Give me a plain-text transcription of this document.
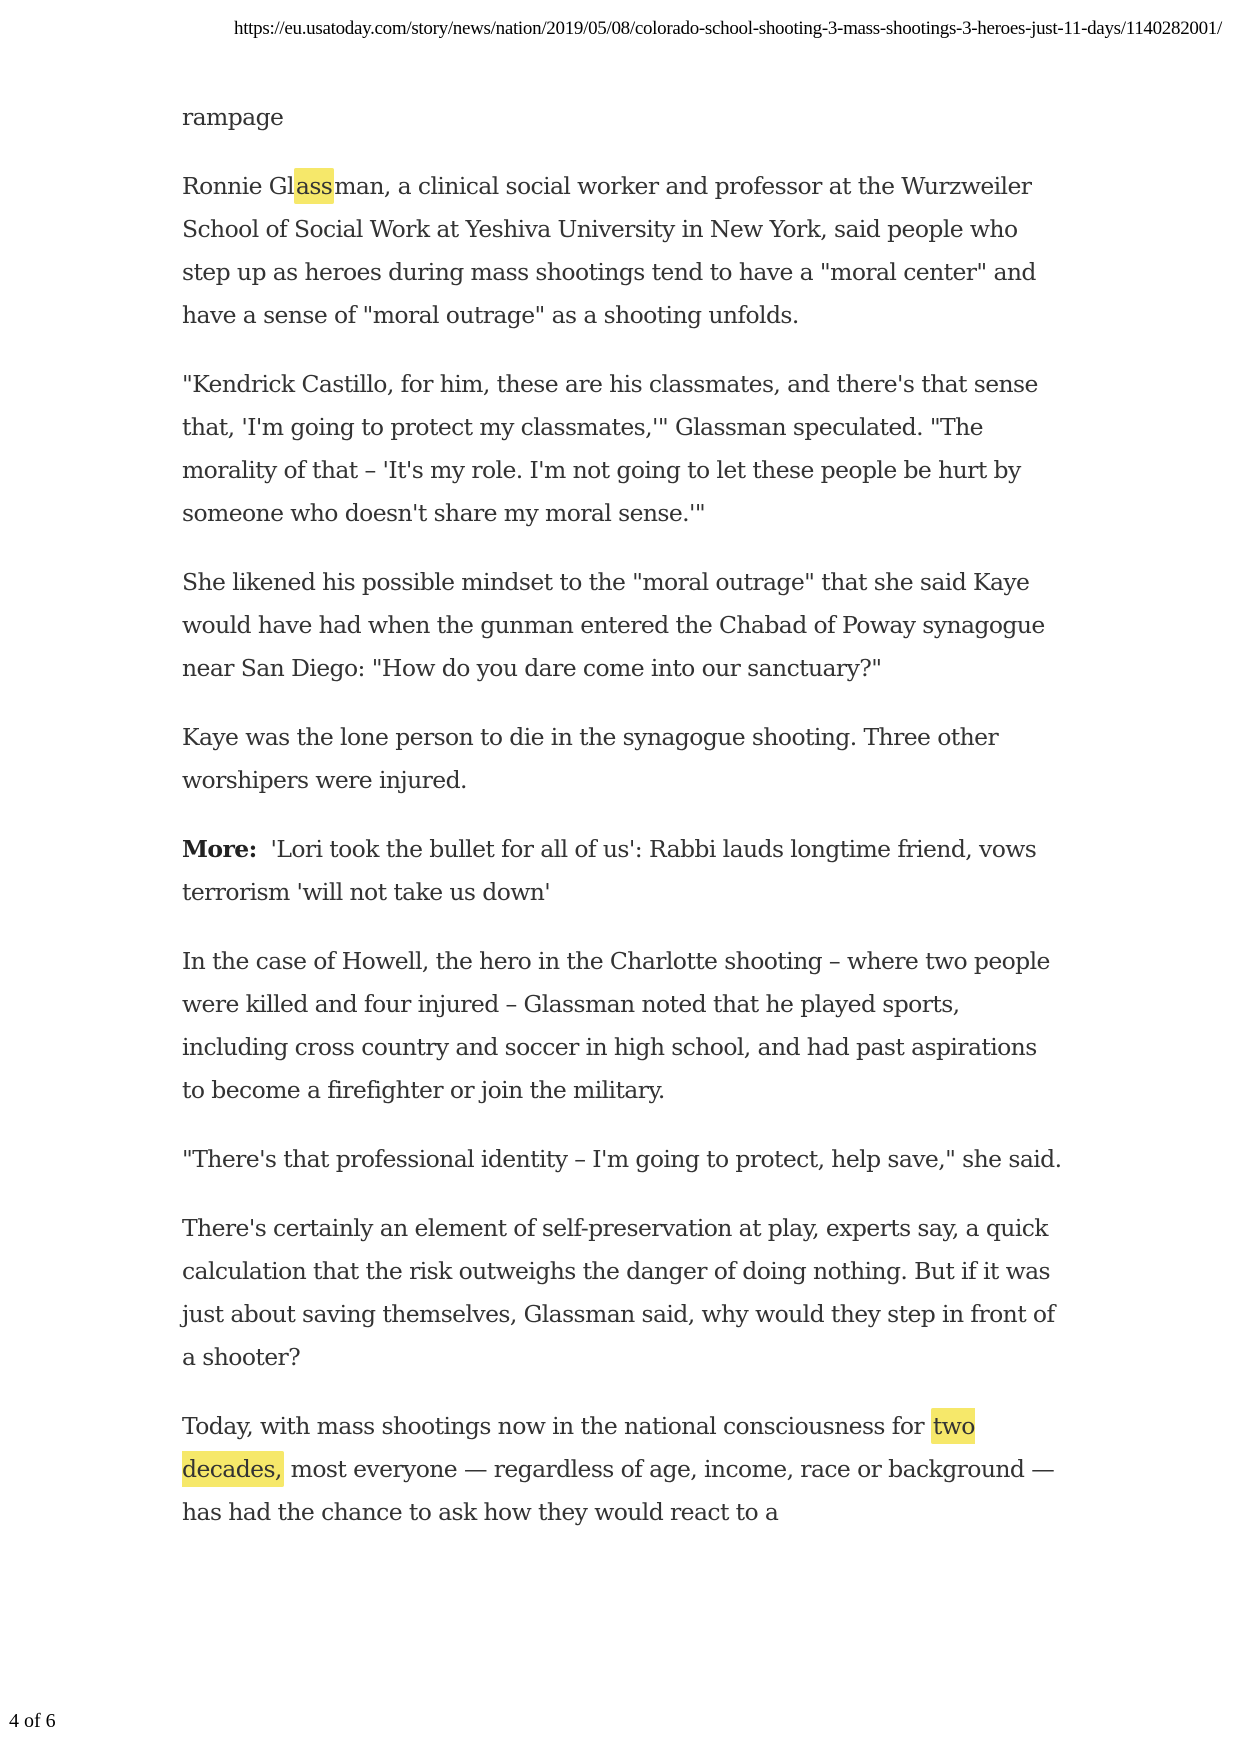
https://eu.usatoday.com/story/news/nation/2019/05/08/colorado-school-shooting-3-mass-shootings-3-heroes-just-11-days/1140282001/

rampage

Ronnie Glassman, a clinical social worker and professor at the Wurzweiler School of Social Work at Yeshiva University in New York, said people who step up as heroes during mass shootings tend to have a "moral center" and have a sense of "moral outrage" as a shooting unfolds.

"Kendrick Castillo, for him, these are his classmates, and there's that sense that, 'I'm going to protect my classmates,'" Glassman speculated. "The morality of that – 'It's my role. I'm not going to let these people be hurt by someone who doesn't share my moral sense.'"

She likened his possible mindset to the "moral outrage" that she said Kaye would have had when the gunman entered the Chabad of Poway synagogue near San Diego: "How do you dare come into our sanctuary?"

Kaye was the lone person to die in the synagogue shooting. Three other worshipers were injured.

More: 'Lori took the bullet for all of us': Rabbi lauds longtime friend, vows terrorism 'will not take us down'

In the case of Howell, the hero in the Charlotte shooting – where two people were killed and four injured – Glassman noted that he played sports, including cross country and soccer in high school, and had past aspirations to become a firefighter or join the military.

"There's that professional identity – I'm going to protect, help save," she said.

There's certainly an element of self-preservation at play, experts say, a quick calculation that the risk outweighs the danger of doing nothing. But if it was just about saving themselves, Glassman said, why would they step in front of a shooter?

Today, with mass shootings now in the national consciousness for two decades, most everyone — regardless of age, income, race or background — has had the chance to ask how they would react to a

4 of 6
